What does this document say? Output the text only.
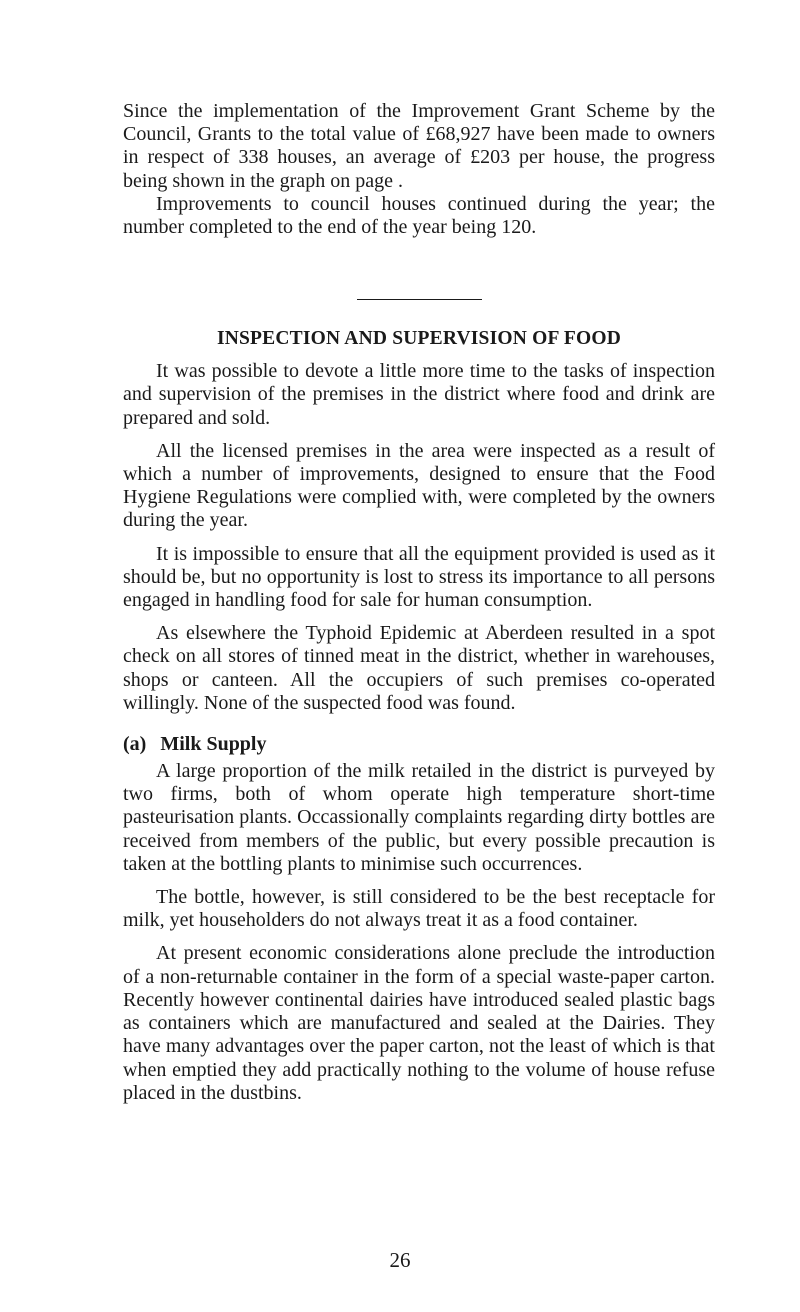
Since the implementation of the Improvement Grant Scheme by the Council, Grants to the total value of £68,927 have been made to owners in respect of 338 houses, an average of £203 per house, the progress being shown in the graph on page .

Improvements to council houses continued during the year; the number completed to the end of the year being 120.

INSPECTION AND SUPERVISION OF FOOD

It was possible to devote a little more time to the tasks of inspection and supervision of the premises in the district where food and drink are prepared and sold.

All the licensed premises in the area were inspected as a result of which a number of improvements, designed to ensure that the Food Hygiene Regulations were complied with, were completed by the owners during the year.

It is impossible to ensure that all the equipment provided is used as it should be, but no opportunity is lost to stress its importance to all persons engaged in handling food for sale for human consumption.

As elsewhere the Typhoid Epidemic at Aberdeen resulted in a spot check on all stores of tinned meat in the district, whether in warehouses, shops or canteen. All the occupiers of such premises co-operated willingly. None of the suspected food was found.

(a) Milk Supply

A large proportion of the milk retailed in the district is purveyed by two firms, both of whom operate high temperature short-time pasteurisation plants. Occassionally complaints regarding dirty bottles are received from members of the public, but every possible precaution is taken at the bottling plants to minimise such occurrences.

The bottle, however, is still considered to be the best receptacle for milk, yet householders do not always treat it as a food container.

At present economic considerations alone preclude the introduction of a non-returnable container in the form of a special waste-paper carton. Recently however continental dairies have introduced sealed plastic bags as containers which are manufactured and sealed at the Dairies. They have many advantages over the paper carton, not the least of which is that when emptied they add practically nothing to the volume of house refuse placed in the dustbins.

26
